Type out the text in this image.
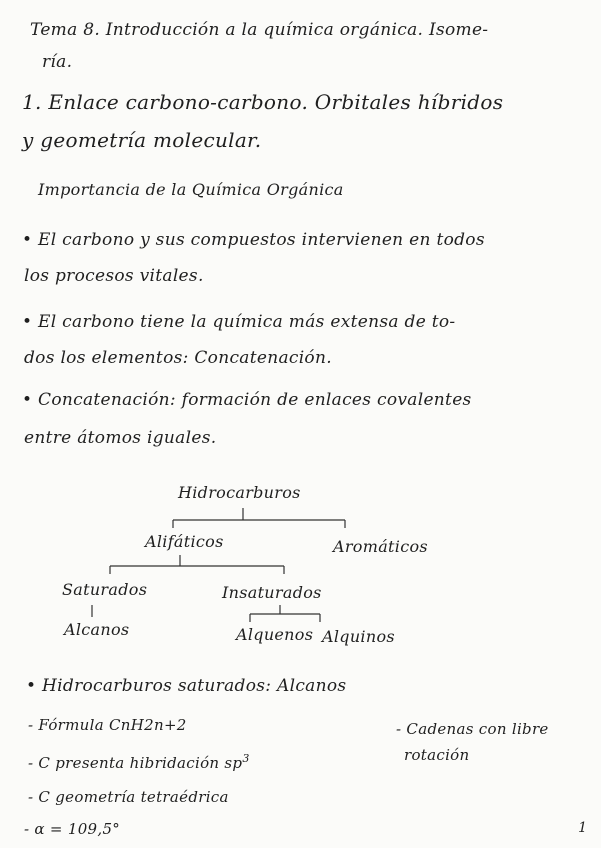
Tema 8. Introducción a la química orgánica. Isome-
ría.
1. Enlace carbono-carbono. Orbitales híbridos
y geometría molecular.
Importancia de la Química Orgánica
• El carbono y sus compuestos intervienen en todos
los procesos vitales.
• El carbono tiene la química más extensa de to-
dos los elementos: Concatenación.
• Concatenación: formación de enlaces covalentes
entre átomos iguales.
Hidrocarburos
Alifáticos	Aromáticos
Saturados	Insaturados
Alcanos	Alquenos Alquinos
• Hidrocarburos saturados: Alcanos
- Fórmula CnH2n+2
- C presenta hibridación $sp^3$
- C geometría tetraédrica
- α = 109,5°
- Cadenas con libre
rotación
1
